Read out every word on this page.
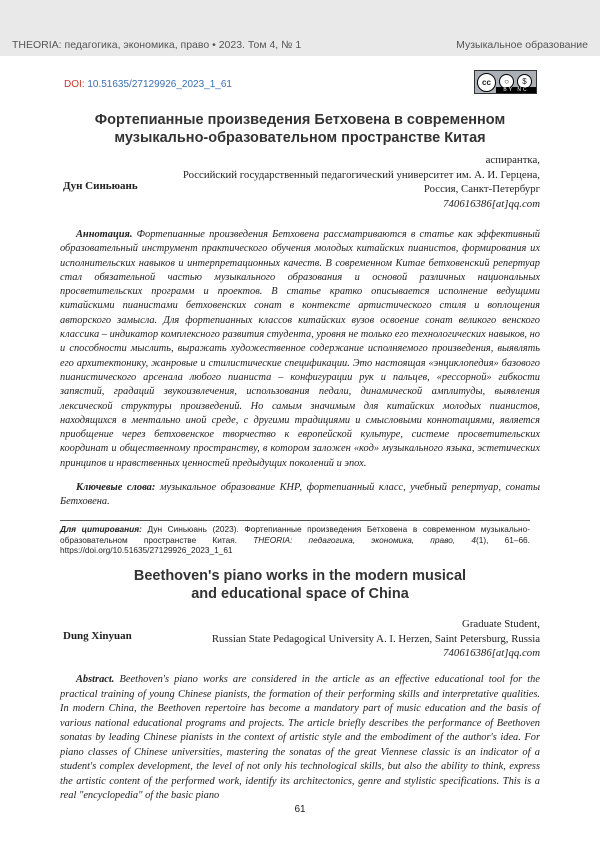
THEORIA: педагогика, экономика, право • 2023. Том 4, № 1	Музыкальное образование
DOI: 10.51635/27129926_2023_1_61	cc	○	$
BY NC
Фортепианные произведения Бетховена в современном
музыкально-образовательном пространстве Китая
Дун Синьюань
аспирантка,
Российский государственный педагогический университет им. А. И. Герцена,
Россия, Санкт-Петербург
740616386[at]qq.com
Аннотация. Фортепианные произведения Бетховена рассматриваются в статье как эффективный образовательный инструмент практического обучения молодых китайских пианистов, формирования их исполнительских навыков и интерпретационных качеств. В современном Китае бетховенский репертуар стал обязательной частью музыкального образования и основой различных национальных просветительских программ и проектов. В статье кратко описывается исполнение ведущими китайскими пианистами бетховенских сонат в контексте артистического стиля и воплощения авторского замысла. Для фортепианных классов китайских вузов освоение сонат великого венского классика – индикатор комплексного развития студента, уровня не только его технологических навыков, но и способности мыслить, выражать художественное содержание исполняемого произведения, выявлять его архитектонику, жанровые и стилистические спецификации. Это настоящая «энциклопедия» базового пианистического арсенала любого пианиста – конфигурации рук и пальцев, «рессорной» гибкости запястий, градаций звукоизвлечения, использования педали, динамической амплитуды, выявления лексической структуры произведений. Но самым значимым для китайских молодых пианистов, находящихся в ментально иной среде, с другими традициями и смысловыми коннотациями, является приобщение через бетховенское творчество к европейской культуре, системе просветительских координат и общественному пространству, в котором заложен «код» музыкального языка, эстетических принципов и нравственных ценностей предыдущих поколений и эпох.
Ключевые слова: музыкальное образование КНР, фортепианный класс, учебный репертуар, сонаты Бетховена.
Для цитирования: Дун Синьюань (2023). Фортепианные произведения Бетховена в современном музыкально-образовательном пространстве Китая. THEORIA: педагогика, экономика, право, 4(1), 61–66. https://doi.org/10.51635/27129926_2023_1_61
Beethoven's piano works in the modern musical
and educational space of China
Dung Xinyuan
Graduate Student,
Russian State Pedagogical University A. I. Herzen, Saint Petersburg, Russia
740616386[at]qq.com
Abstract. Beethoven's piano works are considered in the article as an effective educational tool for the practical training of young Chinese pianists, the formation of their performing skills and interpretative qualities. In modern China, the Beethoven repertoire has become a mandatory part of music education and the basis of various national educational programs and projects. The article briefly describes the performance of Beethoven sonatas by leading Chinese pianists in the context of artistic style and the embodiment of the author's idea. For piano classes of Chinese universities, mastering the sonatas of the great Viennese classic is an indicator of a student's complex development, the level of not only his technological skills, but also the ability to think, express the artistic content of the performed work, identify its architectonics, genre and stylistic specifications. This is a real "encyclopedia" of the basic piano
61
